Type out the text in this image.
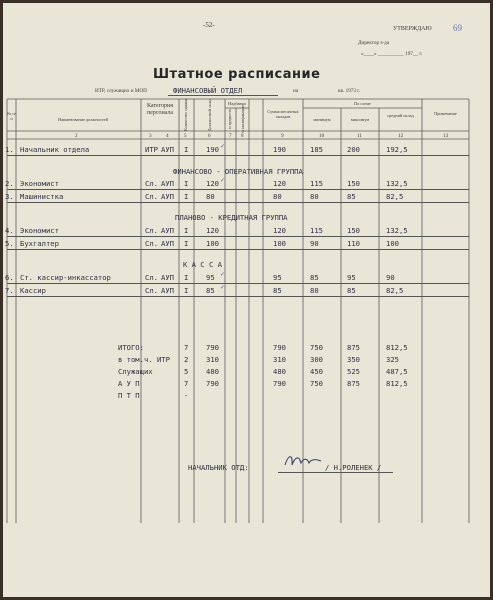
-52-	69
УТВЕРЖДАЮ
Директор з-да
«____» __________ 197__ г.
Штатное расписание
ИТР, служащих и МОП	ФИНАНСОВЫЙ ОТДЕЛ	на	кв. 1973 г.
№ п/п	Наименование должностей
Категория персонала	Количество единиц	Должностной оклад	Надбавки
за вредность за квалификацию	Сумма месячных окладов
По схеме
минимум	максимум
средний оклад	Примечание
2	3	4	5	6	7 8	9	10	11	12	13
1. Начальник отдела	ИТР АУП I 190	190	185	200	192,5
ФИНАНСОВО - ОПЕРАТИВНАЯ ГРУППА
2. Экономист	Сл. АУП I 120	120	115	150	132,5
3. Машинистка	Сл. АУП I 80	80	80	85	82,5
ПЛАНОВО - КРЕДИТНАЯ ГРУППА
4. Экономист	Сл. АУП I 120	120	115	150	132,5
5. Бухгалтер	Сл. АУП I 100	100	90	110	100
К А С С А
6. Ст. кассир-инкассатор	Сл. АУП I 95	95	85	95	90
7. Кассир	Сл. АУП I 85	85	80	85	82,5
ИТОГО:	7 790	790	750	875	812,5
в том.ч. ИТР 2 310	310	300	350	325
Служащих	5 480	480	450	525	487,5
А У П	7 790	790	750	875	812,5
П Т П	-
НАЧАЛЬНИК ОТД:	/ Н.РОЛЕНЕК /
✓
✓
✓
✓
